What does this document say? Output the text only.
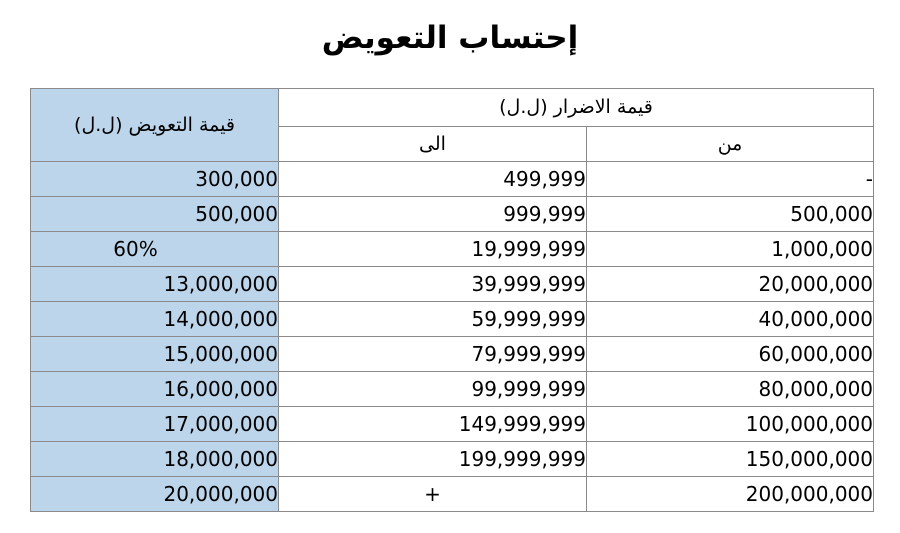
إحتساب التعويض
قيمة التعويض (ل.ل)	قيمة الاضرار (ل.ل)	
	الى	من
300,000	499,999	-
500,000	999,999	500,000
60%	19,999,999	1,000,000
13,000,000	39,999,999	20,000,000
14,000,000	59,999,999	40,000,000
15,000,000	79,999,999	60,000,000
16,000,000	99,999,999	80,000,000
17,000,000	149,999,999	100,000,000
18,000,000	199,999,999	150,000,000
20,000,000	+	200,000,000
